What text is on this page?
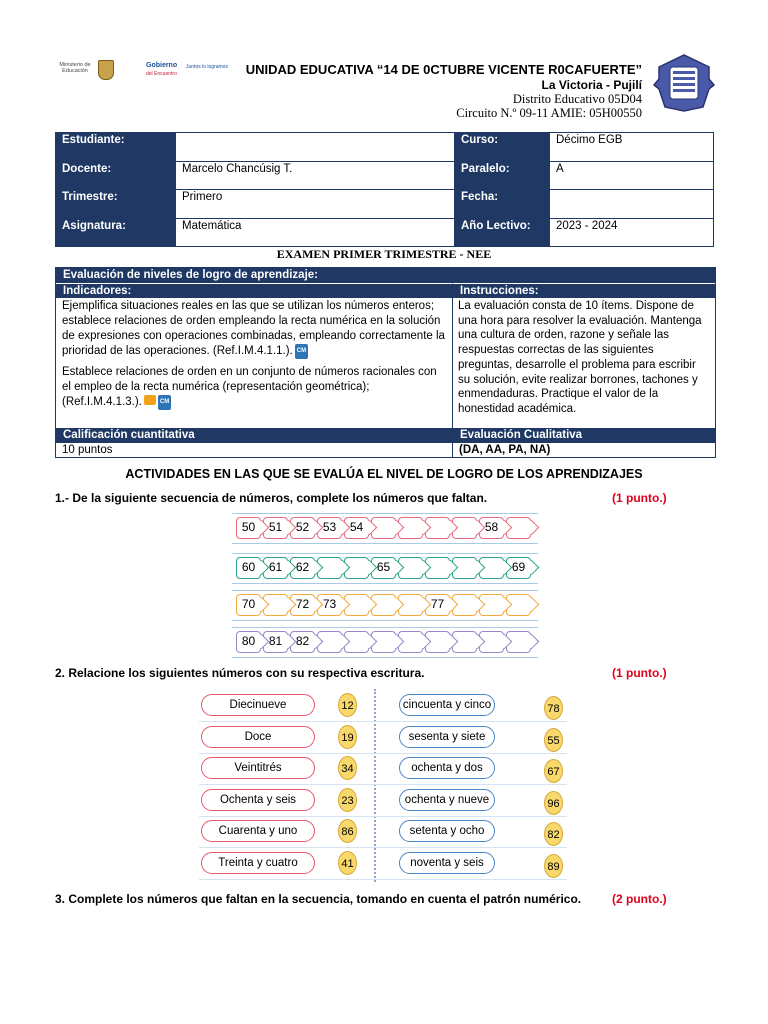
Ministerio de Educación
Gobierno
del Encuentro
Juntos lo logramos UNIDAD EDUCATIVA “14 DE 0CTUBRE VICENTE R0CAFUERTE”
La Victoria - Pujilí
Distrito Educativo 05D04
Circuito N.º 09-11 AMIE: 05H00550
Estudiante:		Curso:	Décimo EGB
Docente:	Marcelo Chancúsig T.	Paralelo:	A
Trimestre:	Primero	Fecha:	
Asignatura:	Matemática	Año Lectivo:	2023 - 2024
EXAMEN PRIMER TRIMESTRE - NEE
Evaluación de niveles de logro de aprendizaje:
Indicadores:	Instrucciones:

Ejemplifica situaciones reales en las que se utilizan los números enteros; establece relaciones de orden empleando la recta numérica en la solución de expresiones con operaciones combinadas, empleando correctamente la prioridad de las operaciones. (Ref.I.M.4.1.1.). CM

Establece relaciones de orden en un conjunto de números racionales con el empleo de la recta numérica (representación geométrica); (Ref.I.M.4.1.3.).	CM

La evaluación consta de 10 ítems. Dispone de una hora para resolver la evaluación. Mantenga una cultura de orden, razone y señale las respuestas correctas de las siguientes preguntas, desarrolle el problema para escribir su solución, evite realizar borrones, tachones y enmendaduras. Practique el valor de la honestidad académica.
Calificación cuantitativa	Evaluación Cualitativa
10 puntos	(DA, AA, PA, NA)
ACTIVIDADES EN LAS QUE SE EVALÚA EL NIVEL DE LOGRO DE LOS APRENDIZAJES
1.- De la siguiente secuencia de números, complete los números que faltan.	(1 punto.)
50	51	52	53	54	58
60	61	62	65	69
70	72	73	77
80	81	82
2. Relacione los siguientes números con su respectiva escritura.	(1 punto.)
Diecinueve	12	cincuenta y cinco	78
Doce	19	sesenta y siete	55
Veintitrés	34	ochenta y dos	67
Ochenta y seis	23	ochenta y nueve	96
Cuarenta y uno	86	setenta y ocho	82
Treinta y cuatro	41	noventa y seis	89
3. Complete los números que faltan en la secuencia, tomando en cuenta el patrón numérico.	(2 punto.)
